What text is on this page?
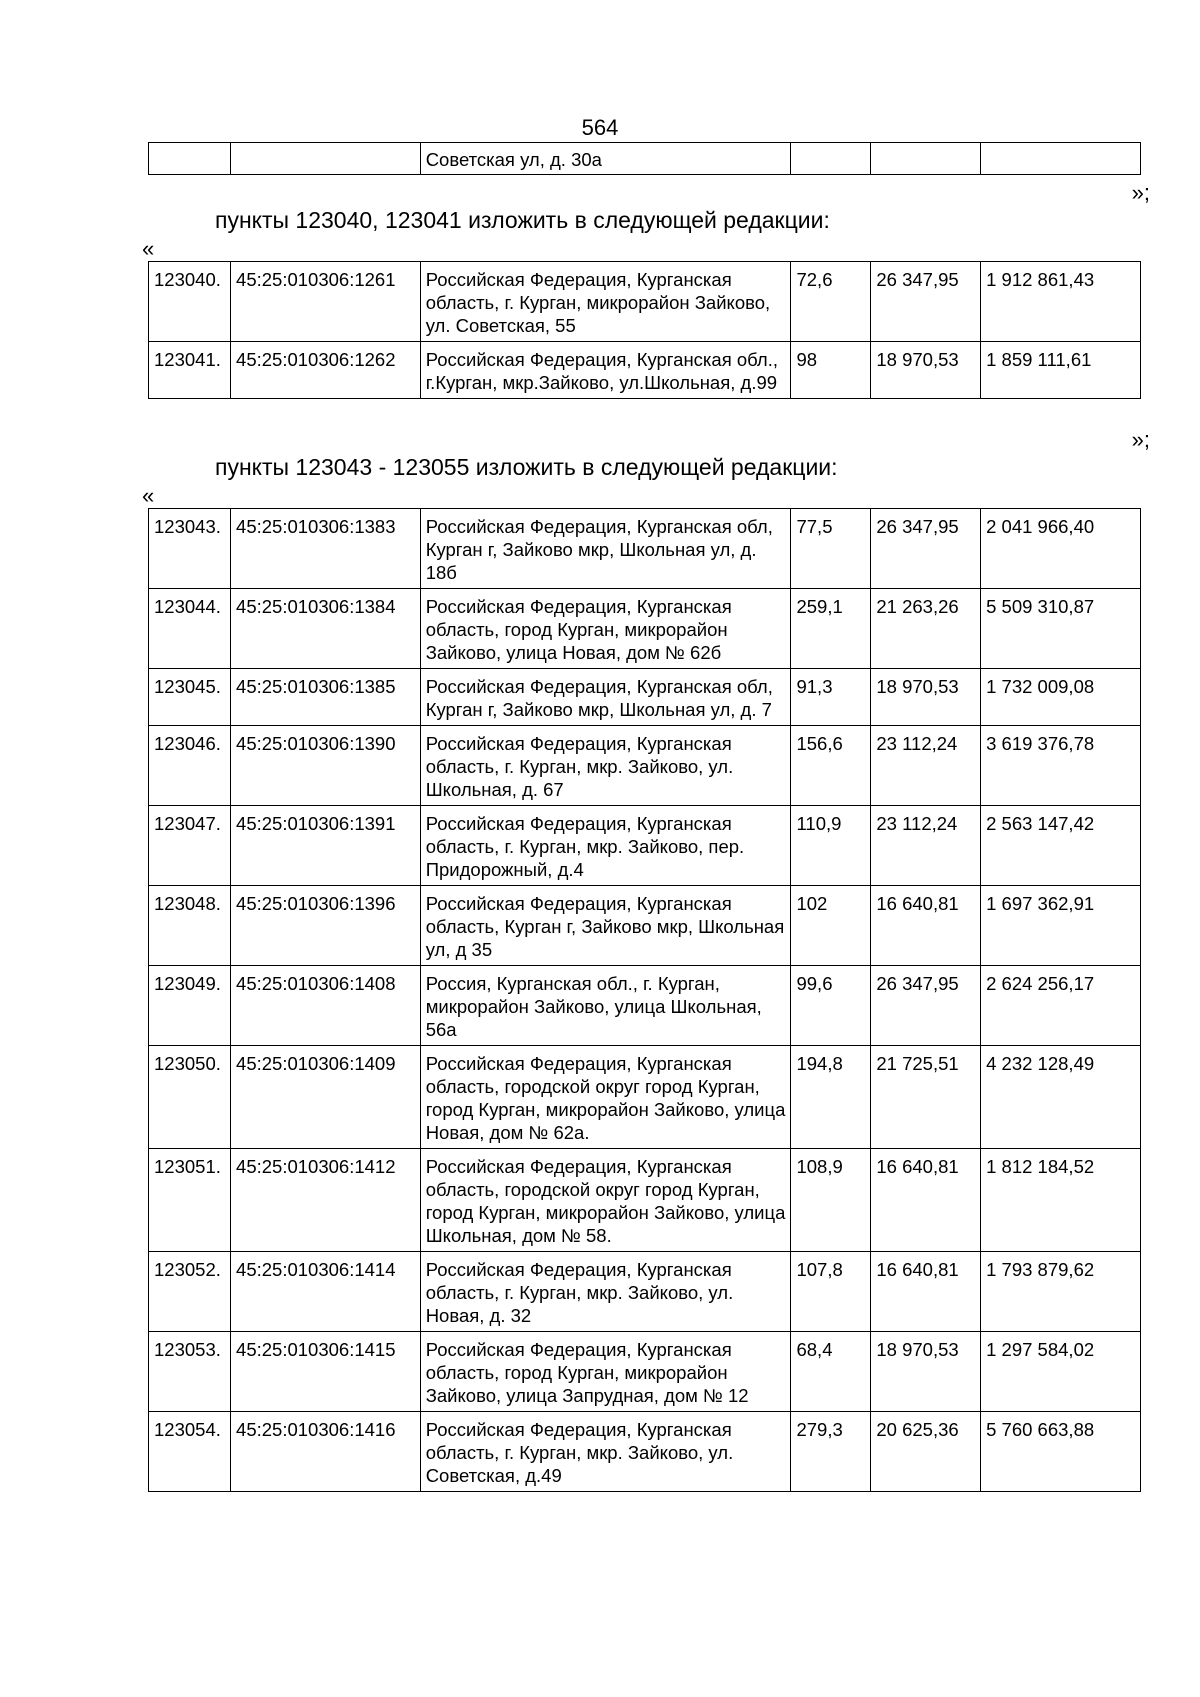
564
		Советская ул, д. 30а			
»;
пункты 123040, 123041 изложить в следующей редакции:
«
123040.	45:25:010306:1261	Российская Федерация, Курганская область, г. Курган, микрорайон Зайково, ул. Советская, 55	72,6	26 347,95	1 912 861,43
123041.	45:25:010306:1262	Российская Федерация, Курганская обл., г.Курган, мкр.Зайково, ул.Школьная, д.99	98	18 970,53	1 859 111,61
»;
пункты 123043 - 123055 изложить в следующей редакции:
«
123043.	45:25:010306:1383	Российская Федерация, Курганская обл, Курган г, Зайково мкр, Школьная ул, д. 18б	77,5	26 347,95	2 041 966,40
123044.	45:25:010306:1384	Российская Федерация, Курганская область, город Курган, микрорайон Зайково, улица Новая, дом № 62б	259,1	21 263,26	5 509 310,87
123045.	45:25:010306:1385	Российская Федерация, Курганская обл, Курган г, Зайково мкр, Школьная ул, д. 7	91,3	18 970,53	1 732 009,08
123046.	45:25:010306:1390	Российская Федерация, Курганская область, г. Курган, мкр. Зайково, ул. Школьная, д. 67	156,6	23 112,24	3 619 376,78
123047.	45:25:010306:1391	Российская Федерация, Курганская область, г. Курган, мкр. Зайково, пер. Придорожный, д.4	110,9	23 112,24	2 563 147,42
123048.	45:25:010306:1396	Российская Федерация, Курганская область, Курган г, Зайково мкр, Школьная ул, д 35	102	16 640,81	1 697 362,91
123049.	45:25:010306:1408	Россия, Курганская обл., г. Курган, микрорайон Зайково, улица Школьная, 56а	99,6	26 347,95	2 624 256,17
123050.	45:25:010306:1409	Российская Федерация, Курганская область, городской округ город Курган, город Курган, микрорайон Зайково, улица Новая, дом № 62а.	194,8	21 725,51	4 232 128,49
123051.	45:25:010306:1412	Российская Федерация, Курганская область, городской округ город Курган, город Курган, микрорайон Зайково, улица Школьная, дом № 58.	108,9	16 640,81	1 812 184,52
123052.	45:25:010306:1414	Российская Федерация, Курганская область, г. Курган, мкр. Зайково, ул. Новая, д. 32	107,8	16 640,81	1 793 879,62
123053.	45:25:010306:1415	Российская Федерация, Курганская область, город Курган, микрорайон Зайково, улица Запрудная, дом № 12	68,4	18 970,53	1 297 584,02
123054.	45:25:010306:1416	Российская Федерация, Курганская область, г. Курган, мкр. Зайково, ул. Советская, д.49	279,3	20 625,36	5 760 663,88
